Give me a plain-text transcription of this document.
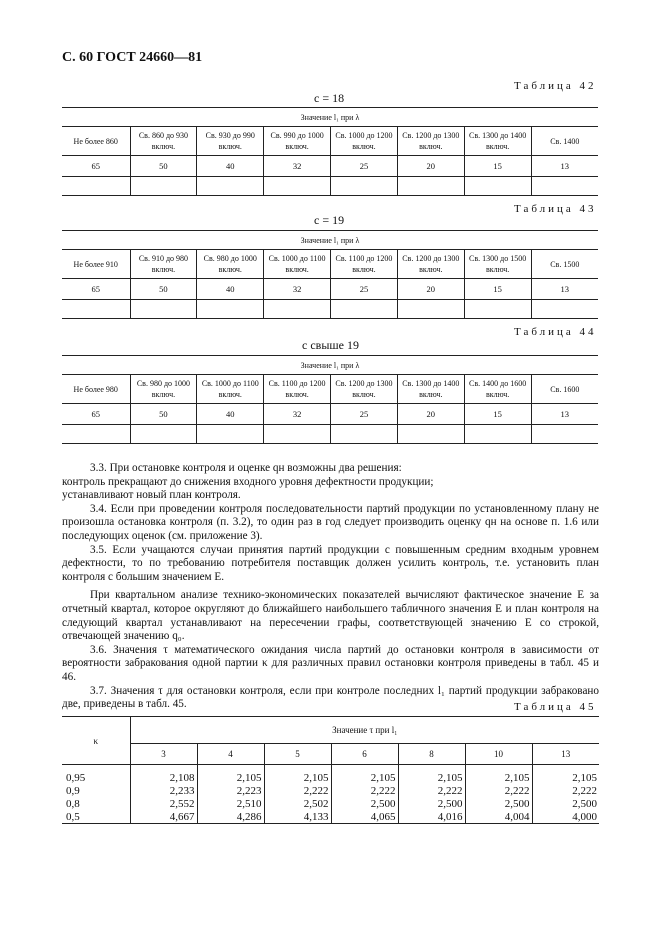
С. 60 ГОСТ 24660—81
Таблица 42
c = 18
Значение l₁ при λ							
Не более 860	Св. 860 до 930 включ.	Св. 930 до 990 включ.	Св. 990 до 1000 включ.	Св. 1000 до 1200 включ.	Св. 1200 до 1300 включ.	Св. 1300 до 1400 включ.	Св. 1400
65	50	40	32	25	20	15	13

Таблица 43
c = 19
Значение l₁ при λ							
Не более 910	Св. 910 до 980 включ.	Св. 980 до 1000 включ.	Св. 1000 до 1100 включ.	Св. 1100 до 1200 включ.	Св. 1200 до 1300 включ.	Св. 1300 до 1500 включ.	Св. 1500
65	50	40	32	25	20	15	13

Таблица 44
c свыше 19
Значение l₁ при λ							
Не более 980	Св. 980 до 1000 включ.	Св. 1000 до 1100 включ.	Св. 1100 до 1200 включ.	Св. 1200 до 1300 включ.	Св. 1300 до 1400 включ.	Св. 1400 до 1600 включ.	Св. 1600
65	50	40	32	25	20	15	13

3.3. При остановке контроля и оценке qн возможны два решения:

контроль прекращают до снижения входного уровня дефектности продукции;

устанавливают новый план контроля.

3.4. Если при проведении контроля последовательности партий продукции по установленному плану не произошла остановка контроля (п. 3.2), то один раз в год следует производить оценку qн на основе п. 1.6 или последующих оценок (см. приложение 3).

3.5. Если учащаются случаи принятия партий продукции с повышенным средним входным уровнем дефектности, то по требованию потребителя поставщик должен усилить контроль, т.е. установить план контроля с большим значением E.

При квартальном анализе технико-экономических показателей вычисляют фактическое значение E за отчетный квартал, которое округляют до ближайшего наибольшего табличного значения E и план контроля на следующий квартал устанавливают на пересечении графы, соответствующей значению E со строкой, отвечающей значению q₀.

3.6. Значения τ математического ожидания числа партий до остановки контроля в зависимости от вероятности забракования одной партии κ для различных правил остановки контроля приведены в табл. 45 и 46.

3.7. Значения τ для остановки контроля, если при контроле последних l₁ партий продукции забраковано две, приведены в табл. 45.	Таблица 45
κ	Значение τ при l₁						
	3	4	5	6	8	10	13
0,95	2,108	2,105	2,105	2,105	2,105	2,105	2,105
0,9	2,233	2,223	2,222	2,222	2,222	2,222	2,222
0,8	2,552	2,510	2,502	2,500	2,500	2,500	2,500
0,5	4,667	4,286	4,133	4,065	4,016	4,004	4,000
